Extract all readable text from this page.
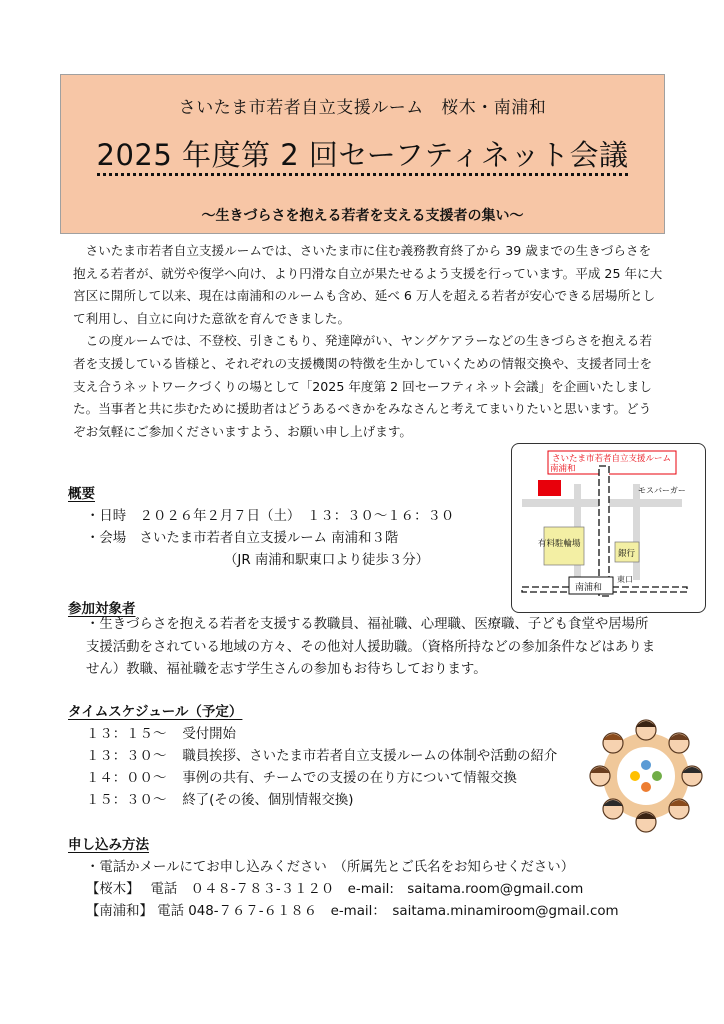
さいたま市若者自立支援ルーム　桜木・南浦和
2025 年度第 2 回セーフティネット会議
～生きづらさを抱える若者を支える支援者の集い～

さいたま市若者自立支援ルームでは、さいたま市に住む義務教育終了から 39 歳までの生きづらさを抱える若者が、就労や復学へ向け、より円滑な自立が果たせるよう支援を行っています。平成 25 年に大宮区に開所して以来、現在は南浦和のルームも含め、延べ 6 万人を超える若者が安心できる居場所として利用し、自立に向けた意欲を育んできました。

この度ルームでは、不登校、引きこもり、発達障がい、ヤングケアラーなどの生きづらさを抱える若者を支援している皆様と、それぞれの支援機関の特徴を生かしていくための情報交換や、支援者同士を支え合うネットワークづくりの場として「2025 年度第 2 回セーフティネット会議」を企画いたしました。当事者と共に歩むために援助者はどうあるべきかをみなさんと考えてまいりたいと思います。どうぞお気軽にご参加くださいますよう、お願い申し上げます。

概要
・日時　２０２６年２月７日（土）　１３：３０～１６：３０
・会場　さいたま市若者自立支援ルーム 南浦和３階
（JR 南浦和駅東口より徒歩３分）
さいたま市若者自立支援ルーム
南浦和
有料駐輪場
銀行
モスバーガー
南浦和
東口
参加対象者
・生きづらさを抱える若者を支援する教職員、福祉職、心理職、医療職、子ども食堂や居場所支援活動をされている地域の方々、その他対人援助職。（資格所持などの参加条件などはありません）教職、福祉職を志す学生さんの参加もお待ちしております。
タイムスケジュール（予定）
１３：１５～ 受付開始
１３：３０～ 職員挨拶、さいたま市若者自立支援ルームの体制や活動の紹介
１４：００～ 事例の共有、チームでの支援の在り方について情報交換
１５：３０～ 終了(その後、個別情報交換)
申し込み方法
・電話かメールにてお申し込みください　（所属先とご氏名をお知らせください）
【桜木】　 電話　０４８-７８３-３１２０　e-mail:　saitama.room@gmail.com
【南浦和】 電話 048-７６７-６１８６　e-mail：　saitama.minamiroom@gmail.com
